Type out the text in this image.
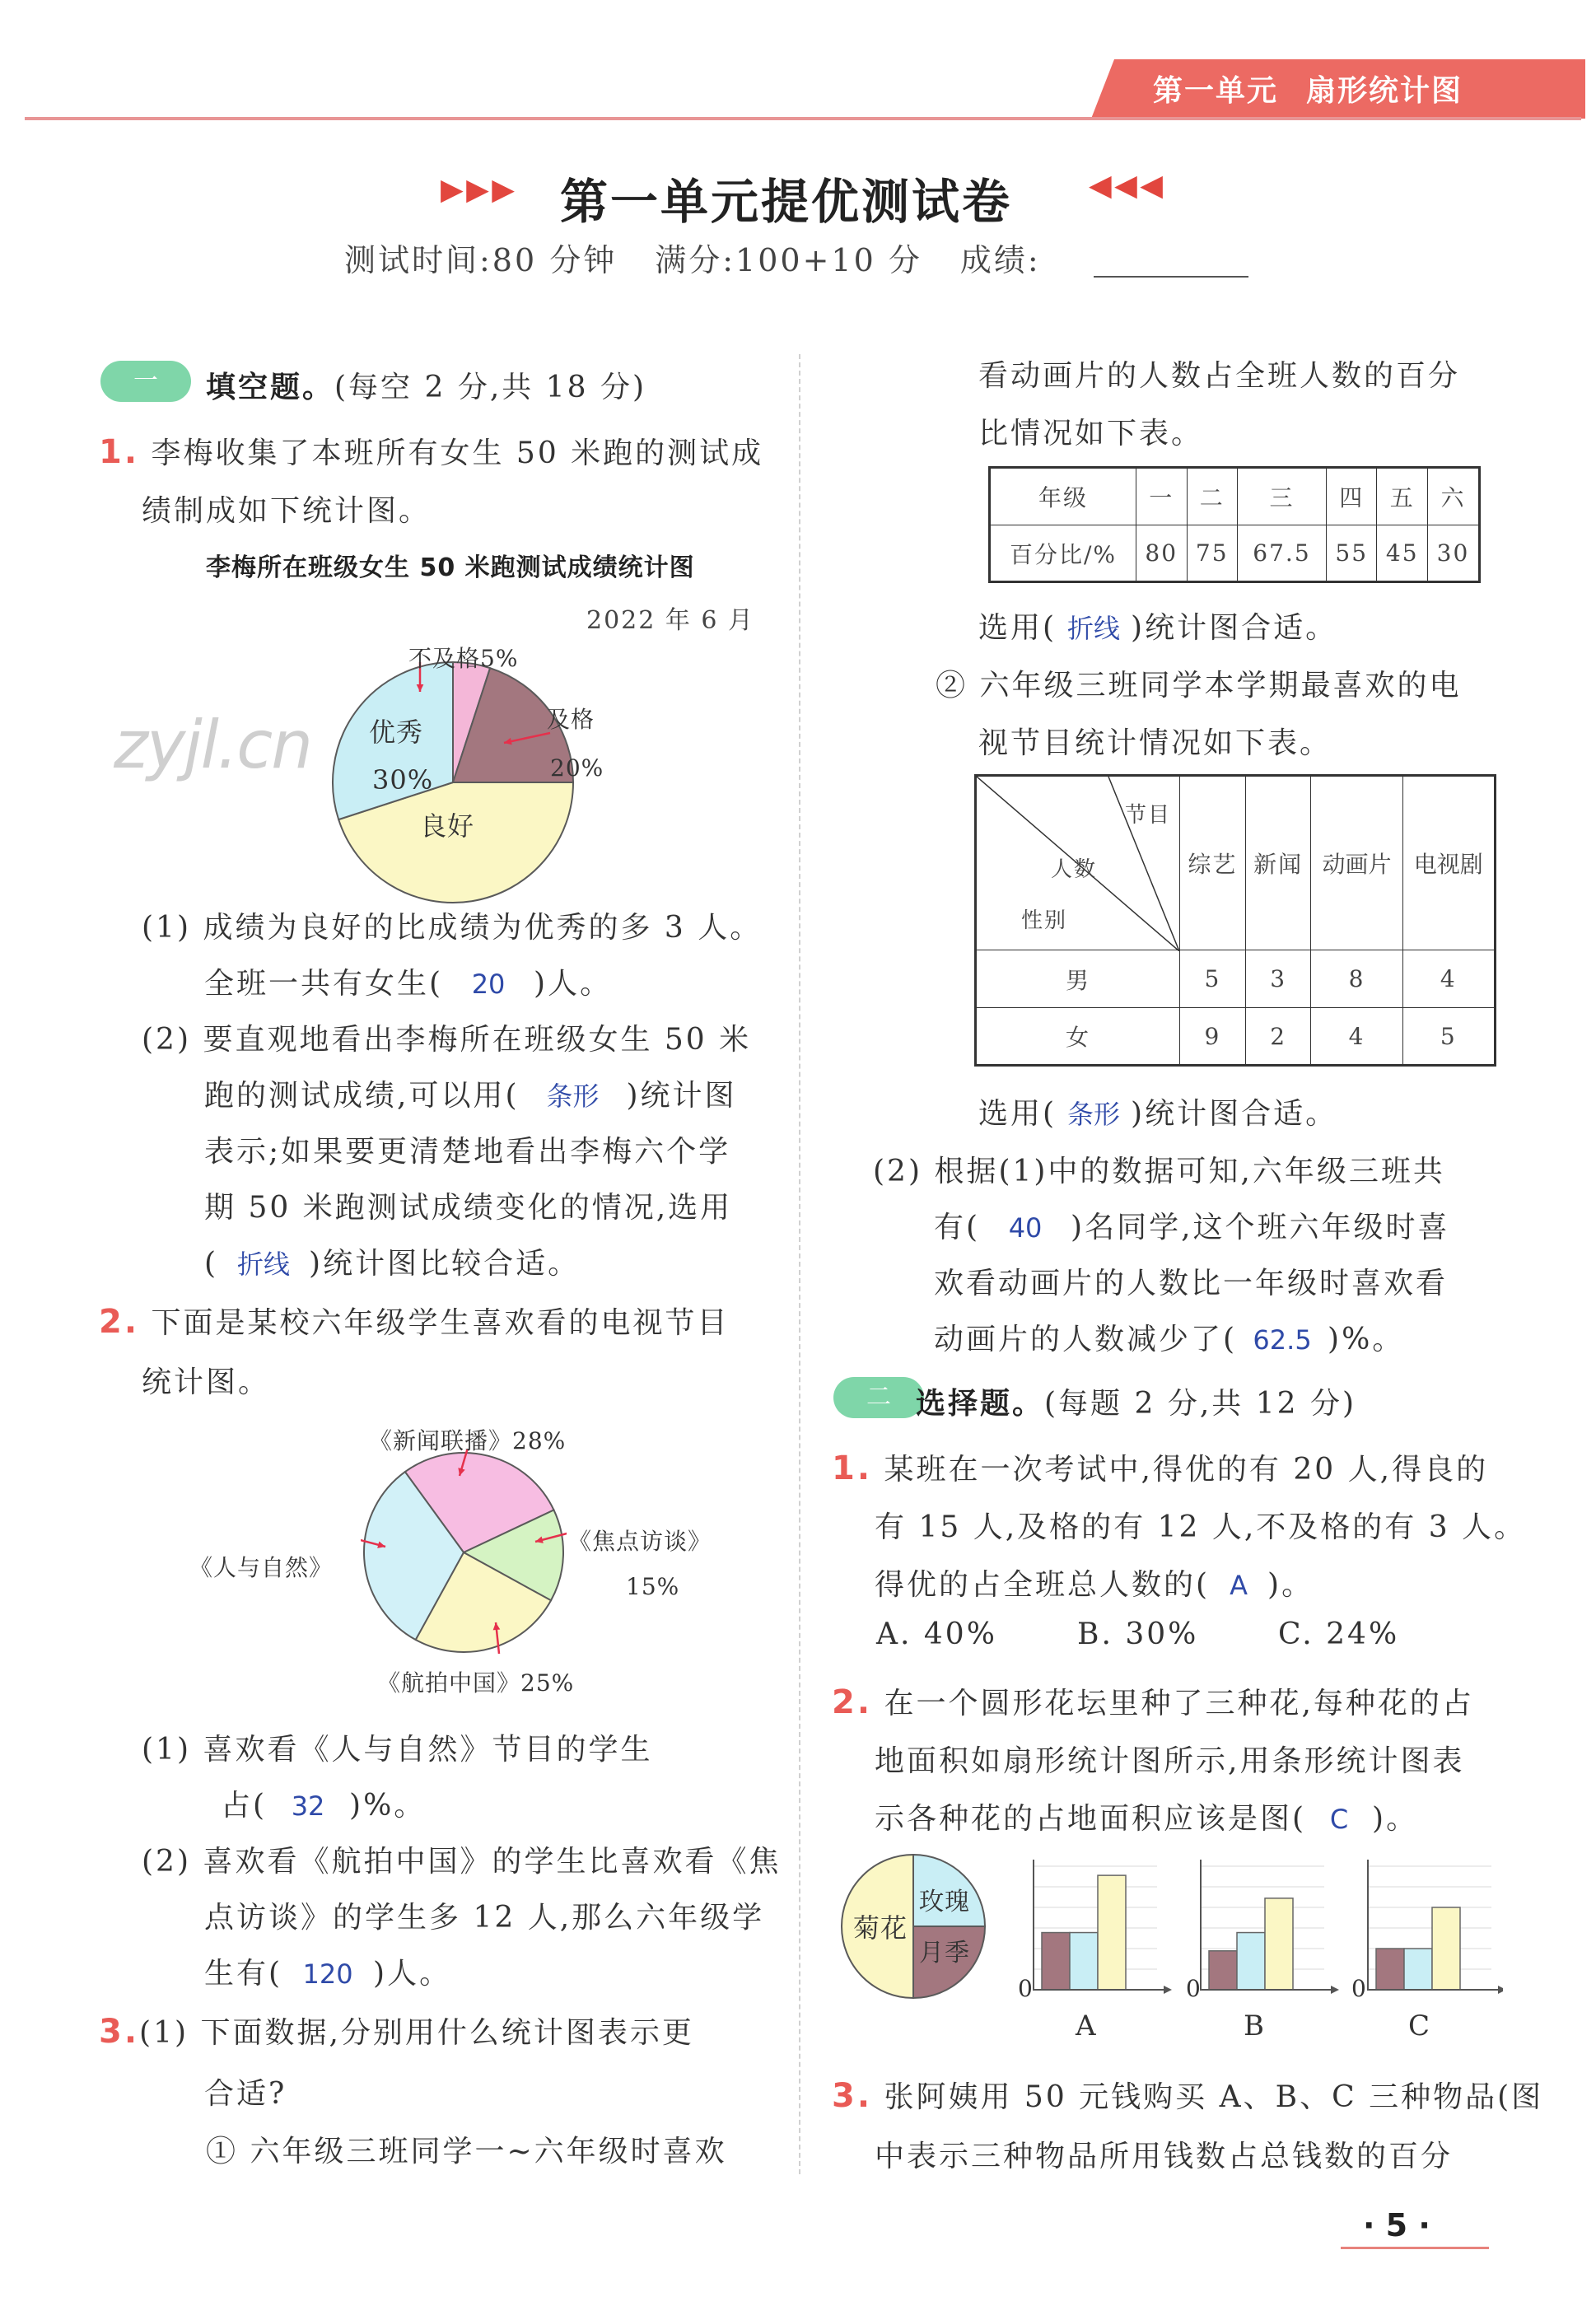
第一单元 扇形统计图
▶ ▶ ▶ 第一单元提优测试卷	◀ ◀ ◀
测试时间:80 分钟 满分:100+10 分 成绩:
一	填空题。(每空 2 分,共 18 分)
1. 李梅收集了本班所有女生 50 米跑的测试成
绩制成如下统计图。
李梅所在班级女生 50 米跑测试成绩统计图
2022 年 6 月
zyjl.cn
不及格5%
及格
20%
优秀
30%
良好
(1) 成绩为良好的比成绩为优秀的多 3 人。
全班一共有女生( 20 )人。
(2) 要直观地看出李梅所在班级女生 50 米
跑的测试成绩,可以用( 条形 )统计图
表示;如果要更清楚地看出李梅六个学
期 50 米跑测试成绩变化的情况,选用
( 折线 )统计图比较合适。
2. 下面是某校六年级学生喜欢看的电视节目
统计图。
《新闻联播》28%
《焦点访谈》
15%
《人与自然》
《航拍中国》25%
(1) 喜欢看《人与自然》节目的学生
占( 32 )%。
(2) 喜欢看《航拍中国》的学生比喜欢看《焦
点访谈》的学生多 12 人,那么六年级学
生有( 120 )人。
3.(1) 下面数据,分别用什么统计图表示更
合适?
① 六年级三班同学一~六年级时喜欢
看动画片的人数占全班人数的百分
比情况如下表。
年级	一	二	三	四	五	六
百分比/%	80	75	67.5	55	45	30
选用( 折线 )统计图合适。
② 六年级三班同学本学期最喜欢的电
视节目统计情况如下表。
节目
人数
性别	综艺	新闻	动画片	电视剧
男	5	3	8	4
女	9	2	4	5
选用( 条形 )统计图合适。
(2) 根据(1)中的数据可知,六年级三班共
有( 40 )名同学,这个班六年级时喜
欢看动画片的人数比一年级时喜欢看
动画片的人数减少了( 62.5 )%。
二 选择题。(每题 2 分,共 12 分)
1. 某班在一次考试中,得优的有 20 人,得良的
有 15 人,及格的有 12 人,不及格的有 3 人。
得优的占全班总人数的( A )。
A. 40%	B. 30%	C. 24%
2. 在一个圆形花坛里种了三种花,每种花的占
地面积如扇形统计图所示,用条形统计图表
示各种花的占地面积应该是图( C )。
菊花
玫瑰
月季
0	0	0
A	B	C
3. 张阿姨用 50 元钱购买 A、B、C 三种物品(图
中表示三种物品所用钱数占总钱数的百分
· 5 ·
